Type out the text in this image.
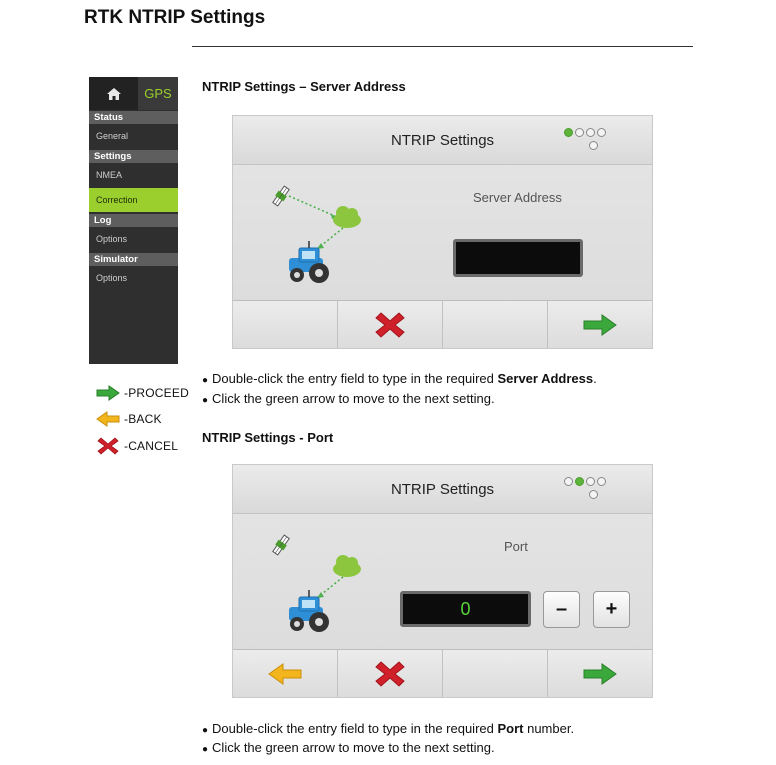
RTK NTRIP Settings
GPS
Status
General
Settings
NMEA
Correction
Log
Options
Simulator
Options
-PROCEED
-BACK
-CANCEL
NTRIP Settings – Server Address
NTRIP Settings
Server Address
● Double-click the entry field to type in the required Server Address.
● Click the green arrow to move to the next setting.
NTRIP Settings - Port
NTRIP Settings
Port
0	–	+
● Double-click the entry field to type in the required Port number.
● Click the green arrow to move to the next setting.
